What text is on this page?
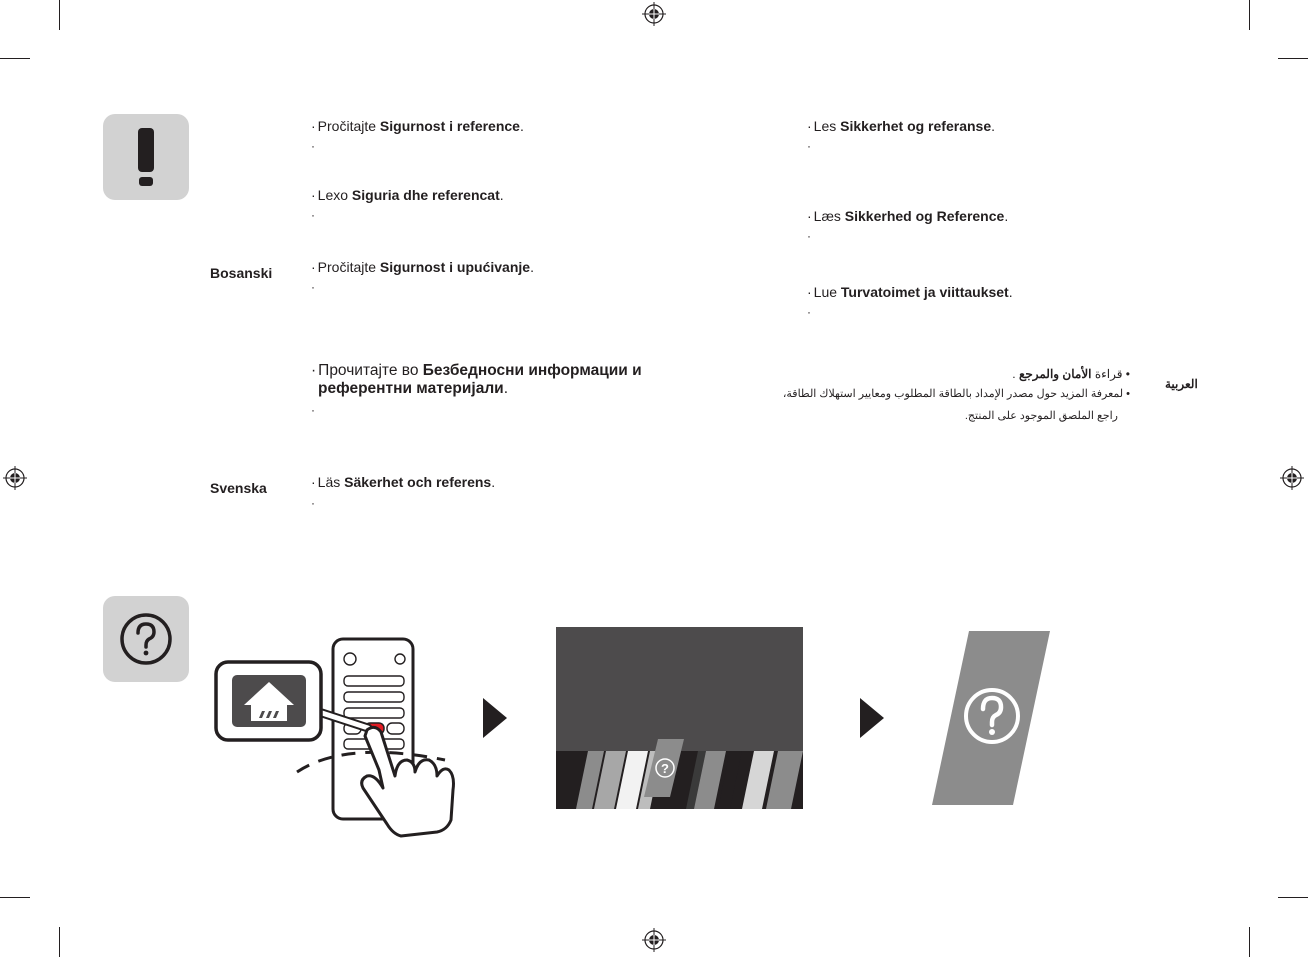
Bosanski
Svenska
العربية
· Pročitajte Sigurnost i reference.
·
· Lexo Siguria dhe referencat.
·
· Pročitajte Sigurnost i upućivanje.
·
· Прочитајте во Безбедносни информации и
референтни материјали.
·
· Läs Säkerhet och referens.
·
· Les Sikkerhet og referanse.
·
· Læs Sikkerhed og Reference.
·
· Lue Turvatoimet ja viittaukset.
·
• قراءة الأمان والمرجع .
• لمعرفة المزيد حول مصدر الإمداد بالطاقة المطلوب ومعايير استهلاك الطاقة،
راجع الملصق الموجود على المنتج.
?
